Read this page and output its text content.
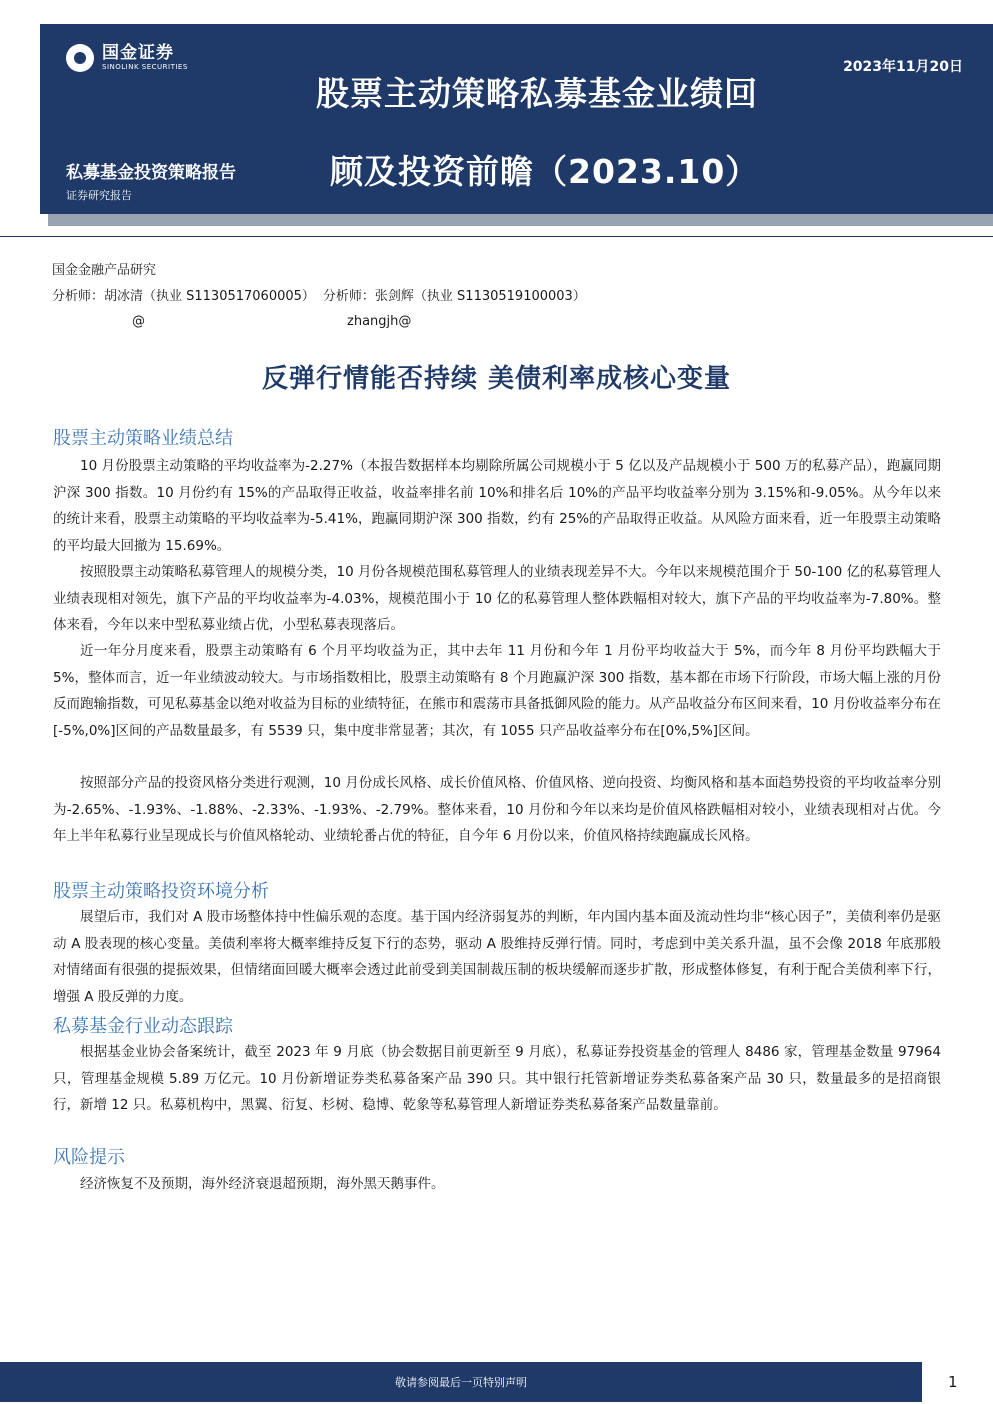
国金证券
SINOLINK SECURITIES	2023年11月20日
股票主动策略私募基金业绩回
顾及投资前瞻（2023.10）
私募基金投资策略报告
证券研究报告
国金金融产品研究
分析师：胡冰清（执业 S1130517060005） 分析师：张剑辉（执业 S1130519100003）
@	zhangjh@
反弹行情能否持续 美债利率成核心变量
股票主动策略业绩总结

10 月份股票主动策略的平均收益率为-2.27%（本报告数据样本均剔除所属公司规模小于 5 亿以及产品规模小于 500 万的私募产品），跑赢同期沪深 300 指数。10 月份约有 15%的产品取得正收益，收益率排名前 10%和排名后 10%的产品平均收益率分别为 3.15%和-9.05%。从今年以来的统计来看，股票主动策略的平均收益率为-5.41%，跑赢同期沪深 300 指数，约有 25%的产品取得正收益。从风险方面来看，近一年股票主动策略的平均最大回撤为 15.69%。

按照股票主动策略私募管理人的规模分类，10 月份各规模范围私募管理人的业绩表现差异不大。今年以来规模范围介于 50-100 亿的私募管理人业绩表现相对领先，旗下产品的平均收益率为-4.03%，规模范围小于 10 亿的私募管理人整体跌幅相对较大，旗下产品的平均收益率为-7.80%。整体来看，今年以来中型私募业绩占优，小型私募表现落后。

近一年分月度来看，股票主动策略有 6 个月平均收益为正，其中去年 11 月份和今年 1 月份平均收益大于 5%，而今年 8 月份平均跌幅大于 5%，整体而言，近一年业绩波动较大。与市场指数相比，股票主动策略有 8 个月跑赢沪深 300 指数，基本都在市场下行阶段，市场大幅上涨的月份反而跑输指数，可见私募基金以绝对收益为目标的业绩特征，在熊市和震荡市具备抵御风险的能力。从产品收益分布区间来看，10 月份收益率分布在[-5%,0%]区间的产品数量最多，有 5539 只，集中度非常显著；其次，有 1055 只产品收益率分布在[0%,5%]区间。

按照部分产品的投资风格分类进行观测，10 月份成长风格、成长价值风格、价值风格、逆向投资、均衡风格和基本面趋势投资的平均收益率分别为-2.65%、-1.93%、-1.88%、-2.33%、-1.93%、-2.79%。整体来看，10 月份和今年以来均是价值风格跌幅相对较小，业绩表现相对占优。今年上半年私募行业呈现成长与价值风格轮动、业绩轮番占优的特征，自今年 6 月份以来，价值风格持续跑赢成长风格。

股票主动策略投资环境分析

展望后市，我们对 A 股市场整体持中性偏乐观的态度。基于国内经济弱复苏的判断，年内国内基本面及流动性均非“核心因子”，美债利率仍是驱动 A 股表现的核心变量。美债利率将大概率维持反复下行的态势，驱动 A 股维持反弹行情。同时，考虑到中美关系升温，虽不会像 2018 年底那般对情绪面有很强的提振效果，但情绪面回暖大概率会透过此前受到美国制裁压制的板块缓解而逐步扩散，形成整体修复，有利于配合美债利率下行，增强 A 股反弹的力度。

私募基金行业动态跟踪

根据基金业协会备案统计，截至 2023 年 9 月底（协会数据目前更新至 9 月底），私募证券投资基金的管理人 8486 家，管理基金数量 97964 只，管理基金规模 5.89 万亿元。10 月份新增证券类私募备案产品 390 只。其中银行托管新增证券类私募备案产品 30 只，数量最多的是招商银行，新增 12 只。私募机构中，黑翼、衍复、杉树、稳博、乾象等私募管理人新增证券类私募备案产品数量靠前。

风险提示

经济恢复不及预期，海外经济衰退超预期，海外黑天鹅事件。

敬请参阅最后一页特别声明	1
